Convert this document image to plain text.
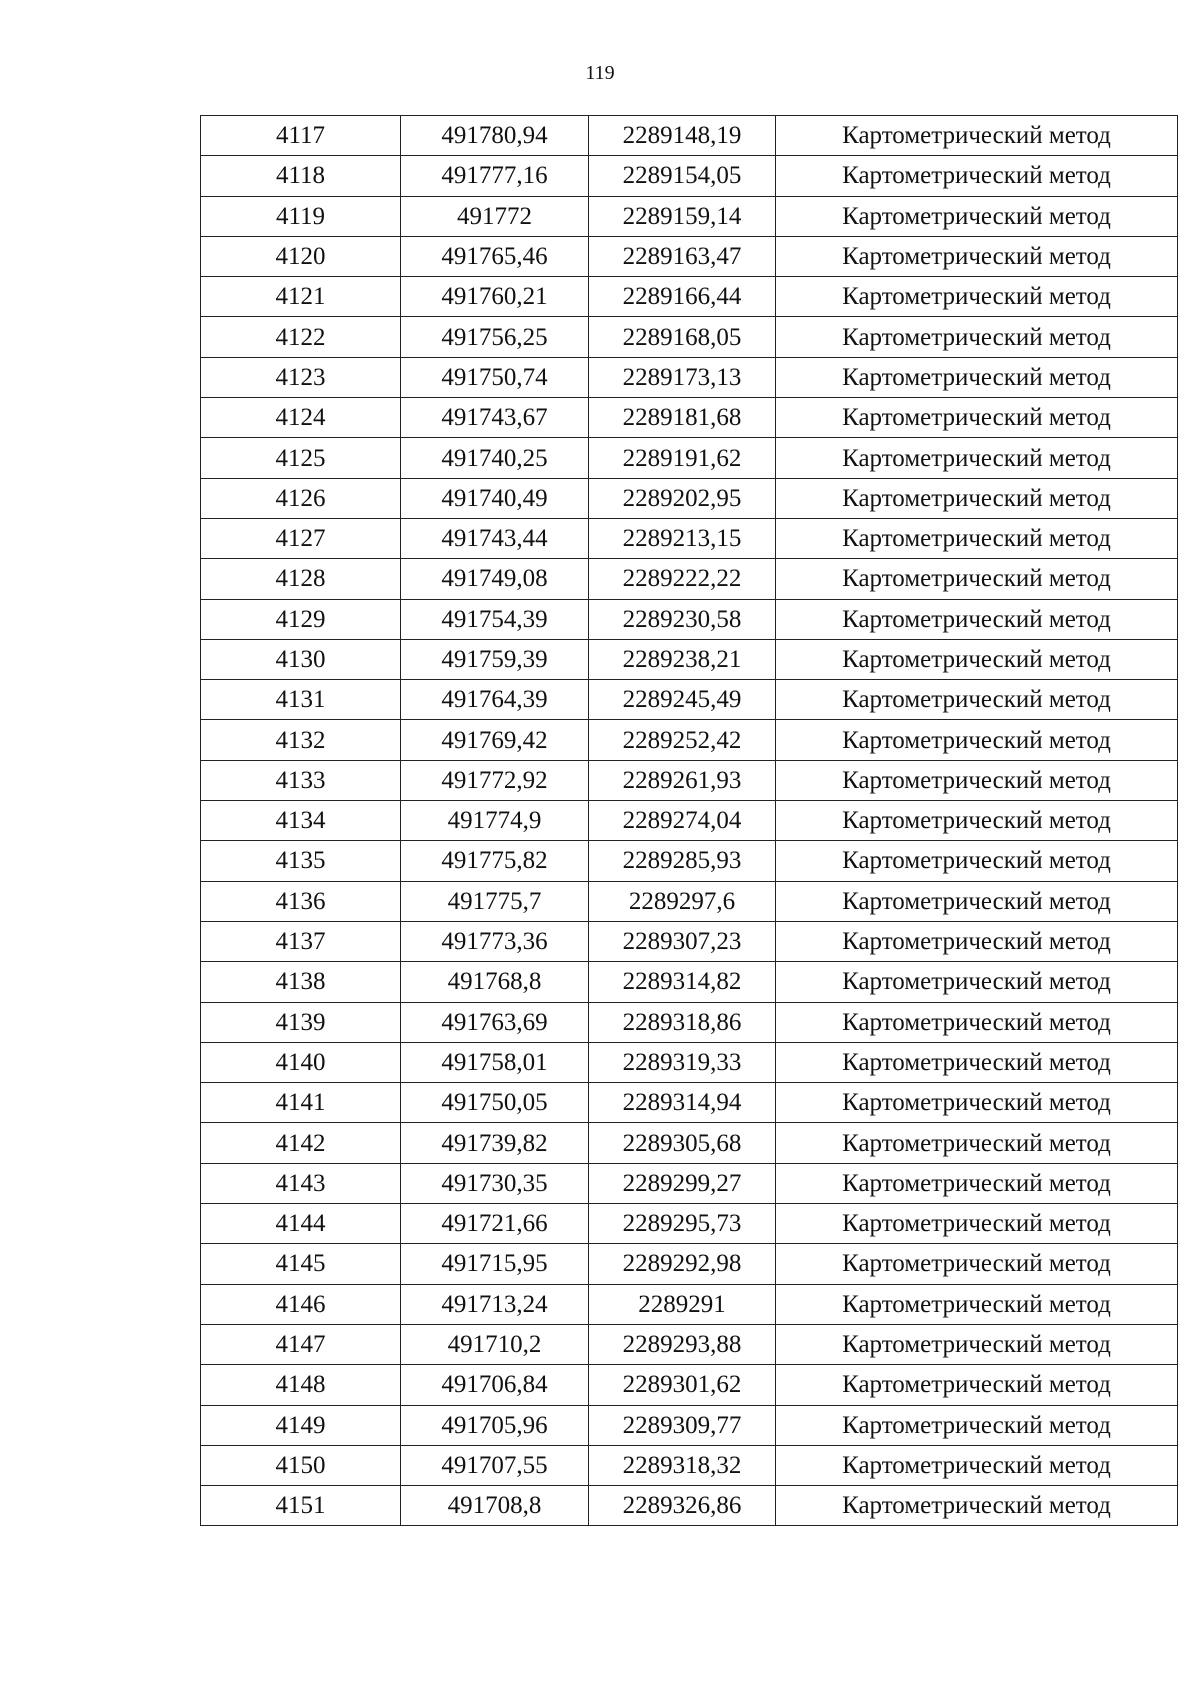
119
4117	491780,94	2289148,19	Картометрический метод
4118	491777,16	2289154,05	Картометрический метод
4119	491772	2289159,14	Картометрический метод
4120	491765,46	2289163,47	Картометрический метод
4121	491760,21	2289166,44	Картометрический метод
4122	491756,25	2289168,05	Картометрический метод
4123	491750,74	2289173,13	Картометрический метод
4124	491743,67	2289181,68	Картометрический метод
4125	491740,25	2289191,62	Картометрический метод
4126	491740,49	2289202,95	Картометрический метод
4127	491743,44	2289213,15	Картометрический метод
4128	491749,08	2289222,22	Картометрический метод
4129	491754,39	2289230,58	Картометрический метод
4130	491759,39	2289238,21	Картометрический метод
4131	491764,39	2289245,49	Картометрический метод
4132	491769,42	2289252,42	Картометрический метод
4133	491772,92	2289261,93	Картометрический метод
4134	491774,9	2289274,04	Картометрический метод
4135	491775,82	2289285,93	Картометрический метод
4136	491775,7	2289297,6	Картометрический метод
4137	491773,36	2289307,23	Картометрический метод
4138	491768,8	2289314,82	Картометрический метод
4139	491763,69	2289318,86	Картометрический метод
4140	491758,01	2289319,33	Картометрический метод
4141	491750,05	2289314,94	Картометрический метод
4142	491739,82	2289305,68	Картометрический метод
4143	491730,35	2289299,27	Картометрический метод
4144	491721,66	2289295,73	Картометрический метод
4145	491715,95	2289292,98	Картометрический метод
4146	491713,24	2289291	Картометрический метод
4147	491710,2	2289293,88	Картометрический метод
4148	491706,84	2289301,62	Картометрический метод
4149	491705,96	2289309,77	Картометрический метод
4150	491707,55	2289318,32	Картометрический метод
4151	491708,8	2289326,86	Картометрический метод
